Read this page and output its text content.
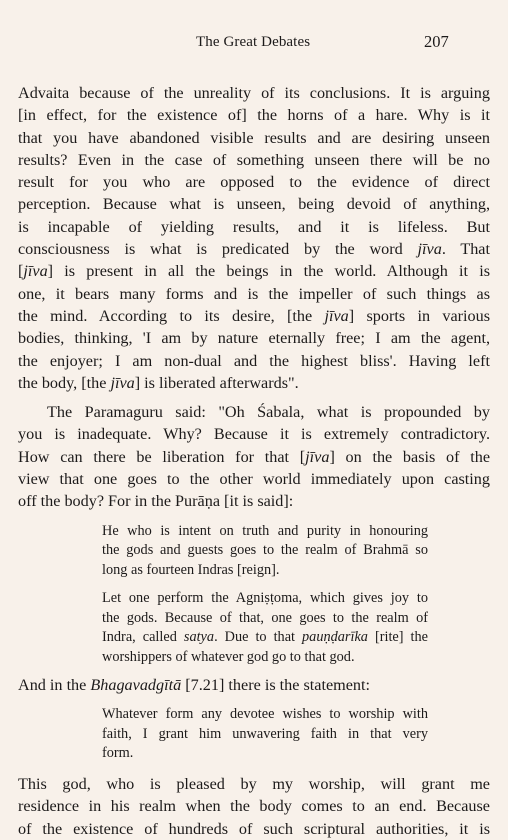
The Great Debates	207

Advaita because of the unreality of its conclusions. It is arguing
[in effect, for the existence of] the horns of a hare. Why is it
that you have abandoned visible results and are desiring unseen
results? Even in the case of something unseen there will be no
result for you who are opposed to the evidence of direct
perception. Because what is unseen, being devoid of anything,
is incapable of yielding results, and it is lifeless. But
consciousness is what is predicated by the word jīva. That
[jīva] is present in all the beings in the world. Although it is
one, it bears many forms and is the impeller of such things as
the mind. According to its desire, [the jīva] sports in various
bodies, thinking, 'I am by nature eternally free; I am the agent,
the enjoyer; I am non-dual and the highest bliss'. Having left
the body, [the jīva] is liberated afterwards".

The Paramaguru said: "Oh Śabala, what is propounded by
you is inadequate. Why? Because it is extremely contradictory.
How can there be liberation for that [jīva] on the basis of the
view that one goes to the other world immediately upon casting
off the body? For in the Purāṇa [it is said]:

He who is intent on truth and purity in honouring
the gods and guests goes to the realm of Brahmā so
long as fourteen Indras [reign].
Let one perform the Agniṣṭoma, which gives joy to
the gods. Because of that, one goes to the realm of
Indra, called satya. Due to that pauṇḍarīka [rite] the
worshippers of whatever god go to that god.

And in the Bhagavadgītā [7.21] there is the statement:

Whatever form any devotee wishes to worship with
faith, I grant him unwavering faith in that very
form.

This god, who is pleased by my worship, will grant me
residence in his realm when the body comes to an end. Because
of the existence of hundreds of such scriptural authorities, it is
